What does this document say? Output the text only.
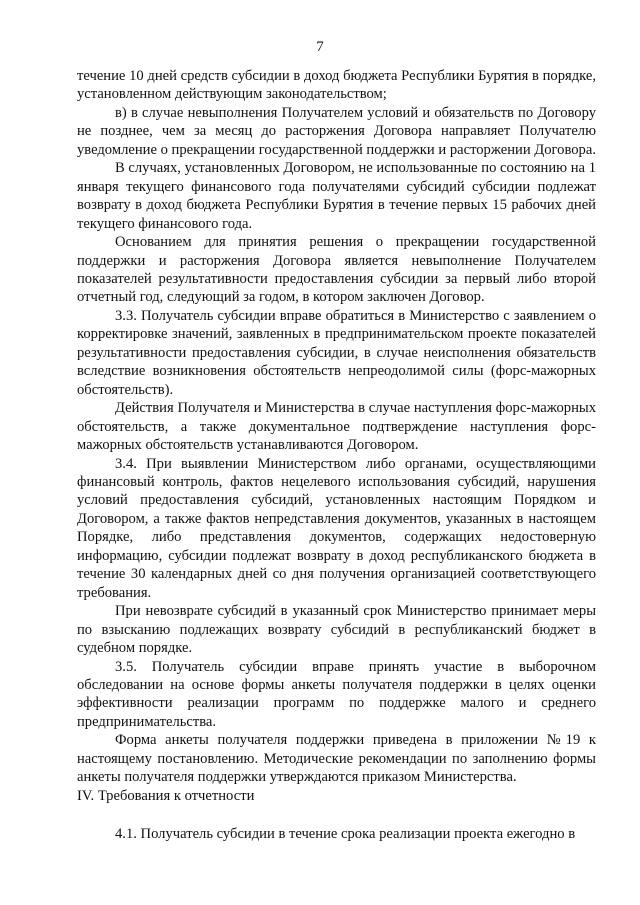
7

течение 10 дней средств субсидии в доход бюджета Республики Бурятия в порядке, установленном действующим законодательством;

в) в случае невыполнения Получателем условий и обязательств по Договору не позднее, чем за месяц до расторжения Договора направляет Получателю уведомление о прекращении государственной поддержки и расторжении Договора.

В случаях, установленных Договором, не использованные по состоянию на 1 января текущего финансового года получателями субсидий субсидии подлежат возврату в доход бюджета Республики Бурятия в течение первых 15 рабочих дней текущего финансового года.

Основанием для принятия решения о прекращении государственной поддержки и расторжения Договора является невыполнение Получателем показателей результативности предоставления субсидии за первый либо второй отчетный год, следующий за годом, в котором заключен Договор.

3.3. Получатель субсидии вправе обратиться в Министерство с заявлением о корректировке значений, заявленных в предпринимательском проекте показателей результативности предоставления субсидии, в случае неисполнения обязательств вследствие возникновения обстоятельств непреодолимой силы (форс-мажорных обстоятельств).

Действия Получателя и Министерства в случае наступления форс-мажорных обстоятельств, а также документальное подтверждение наступления форс-мажорных обстоятельств устанавливаются Договором.

3.4. При выявлении Министерством либо органами, осуществляющими финансовый контроль, фактов нецелевого использования субсидий, нарушения условий предоставления субсидий, установленных настоящим Порядком и Договором, а также фактов непредставления документов, указанных в настоящем Порядке, либо представления документов, содержащих недостоверную информацию, субсидии подлежат возврату в доход республиканского бюджета в течение 30 календарных дней со дня получения организацией соответствующего требования.

При невозврате субсидий в указанный срок Министерство принимает меры по взысканию подлежащих возврату субсидий в республиканский бюджет в судебном порядке.

3.5. Получатель субсидии вправе принять участие в выборочном обследовании на основе формы анкеты получателя поддержки в целях оценки эффективности реализации программ по поддержке малого и среднего предпринимательства.

Форма анкеты получателя поддержки приведена в приложении №19 к настоящему постановлению. Методические рекомендации по заполнению формы анкеты получателя поддержки утверждаются приказом Министерства.

IV. Требования к отчетности

4.1. Получатель субсидии в течение срока реализации проекта ежегодно в
